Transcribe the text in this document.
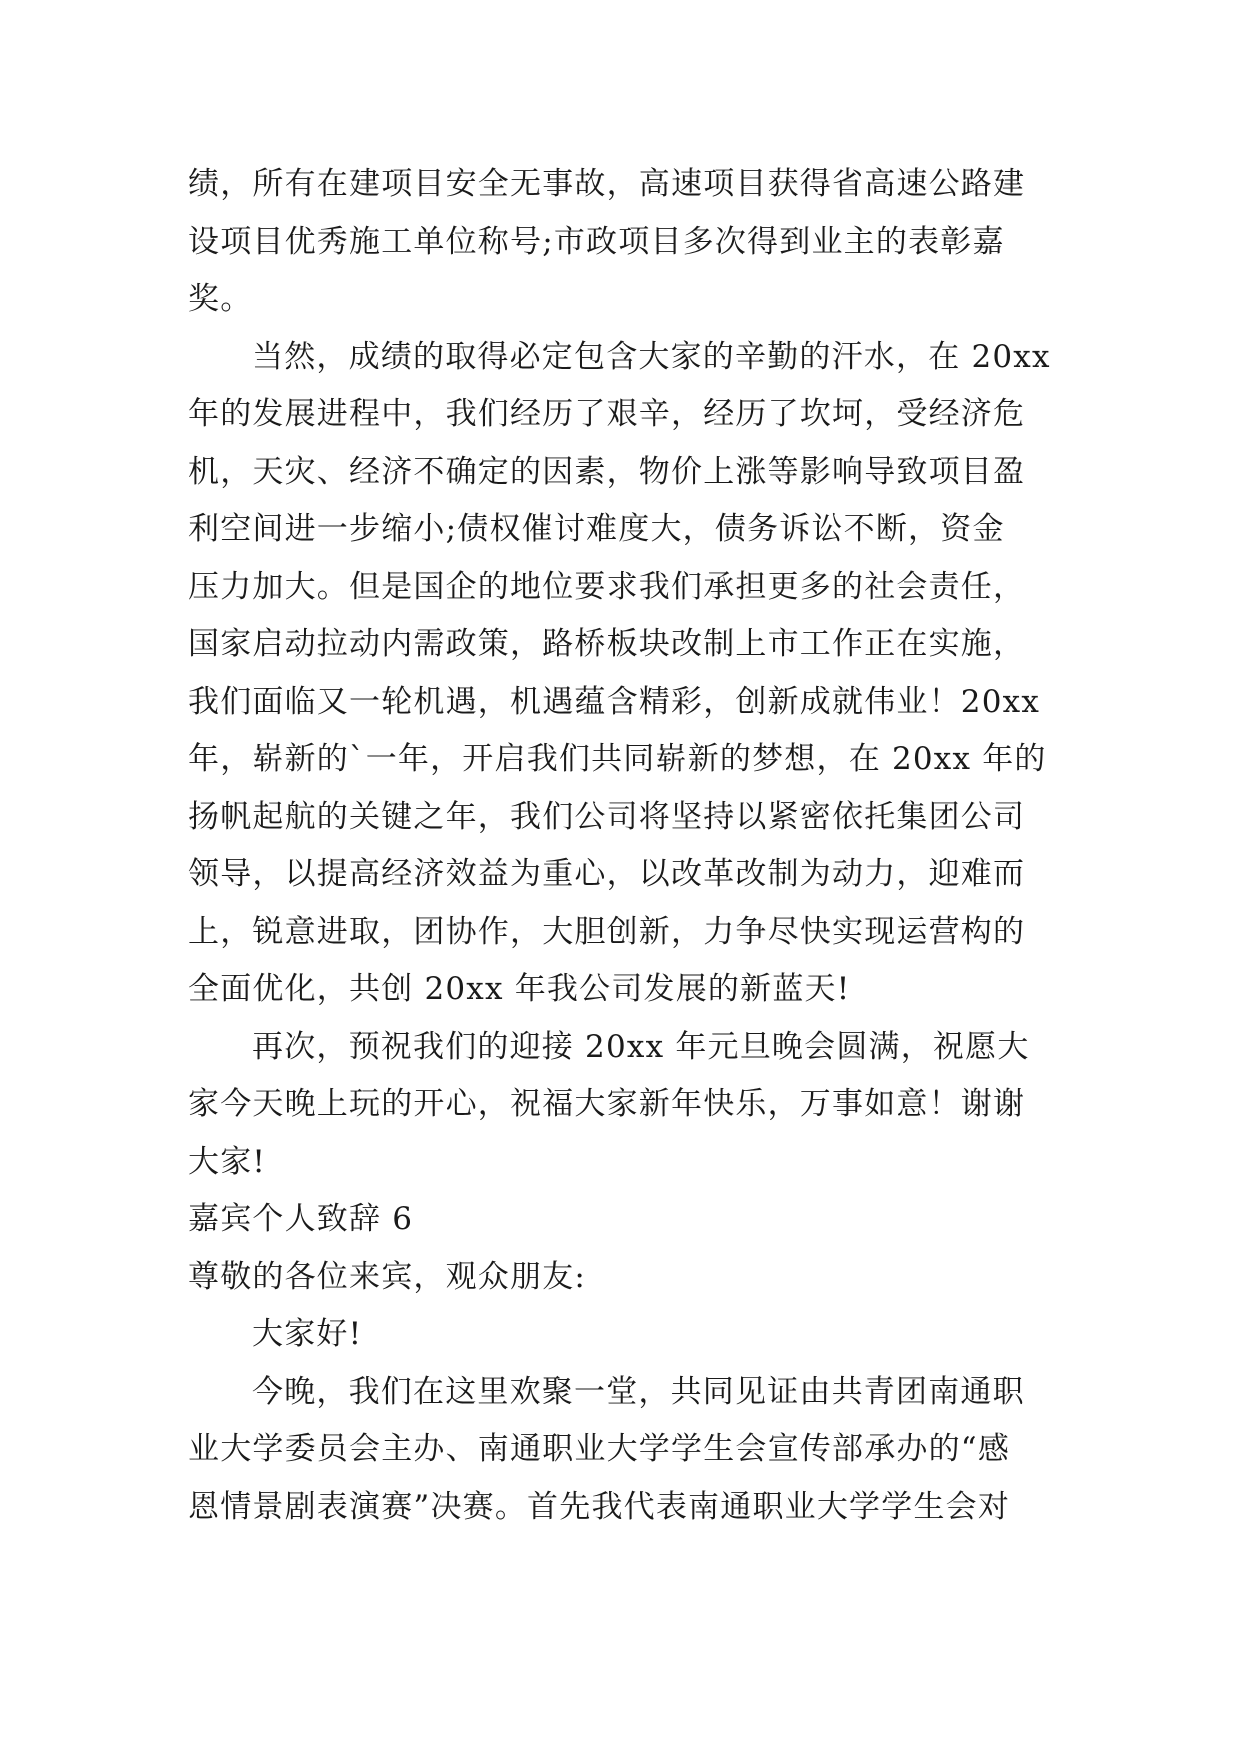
绩，所有在建项目安全无事故，高速项目获得省高速公路建
设项目优秀施工单位称号;市政项目多次得到业主的表彰嘉
奖。
当然，成绩的取得必定包含大家的辛勤的汗水，在 20xx
年的发展进程中，我们经历了艰辛，经历了坎坷，受经济危
机，天灾、经济不确定的因素，物价上涨等影响导致项目盈
利空间进一步缩小;债权催讨难度大，债务诉讼不断，资金
压力加大。但是国企的地位要求我们承担更多的社会责任，
国家启动拉动内需政策，路桥板块改制上市工作正在实施，
我们面临又一轮机遇，机遇蕴含精彩，创新成就伟业！20xx
年，崭新的`一年，开启我们共同崭新的梦想，在 20xx 年的
扬帆起航的关键之年，我们公司将坚持以紧密依托集团公司
领导，以提高经济效益为重心，以改革改制为动力，迎难而
上，锐意进取，团协作，大胆创新，力争尽快实现运营构的
全面优化，共创 20xx 年我公司发展的新蓝天!
再次，预祝我们的迎接 20xx 年元旦晚会圆满，祝愿大
家今天晚上玩的开心，祝福大家新年快乐，万事如意！谢谢
大家!
嘉宾个人致辞 6
尊敬的各位来宾，观众朋友:
大家好!
今晚，我们在这里欢聚一堂，共同见证由共青团南通职
业大学委员会主办、南通职业大学学生会宣传部承办的“感
恩情景剧表演赛”决赛。首先我代表南通职业大学学生会对
